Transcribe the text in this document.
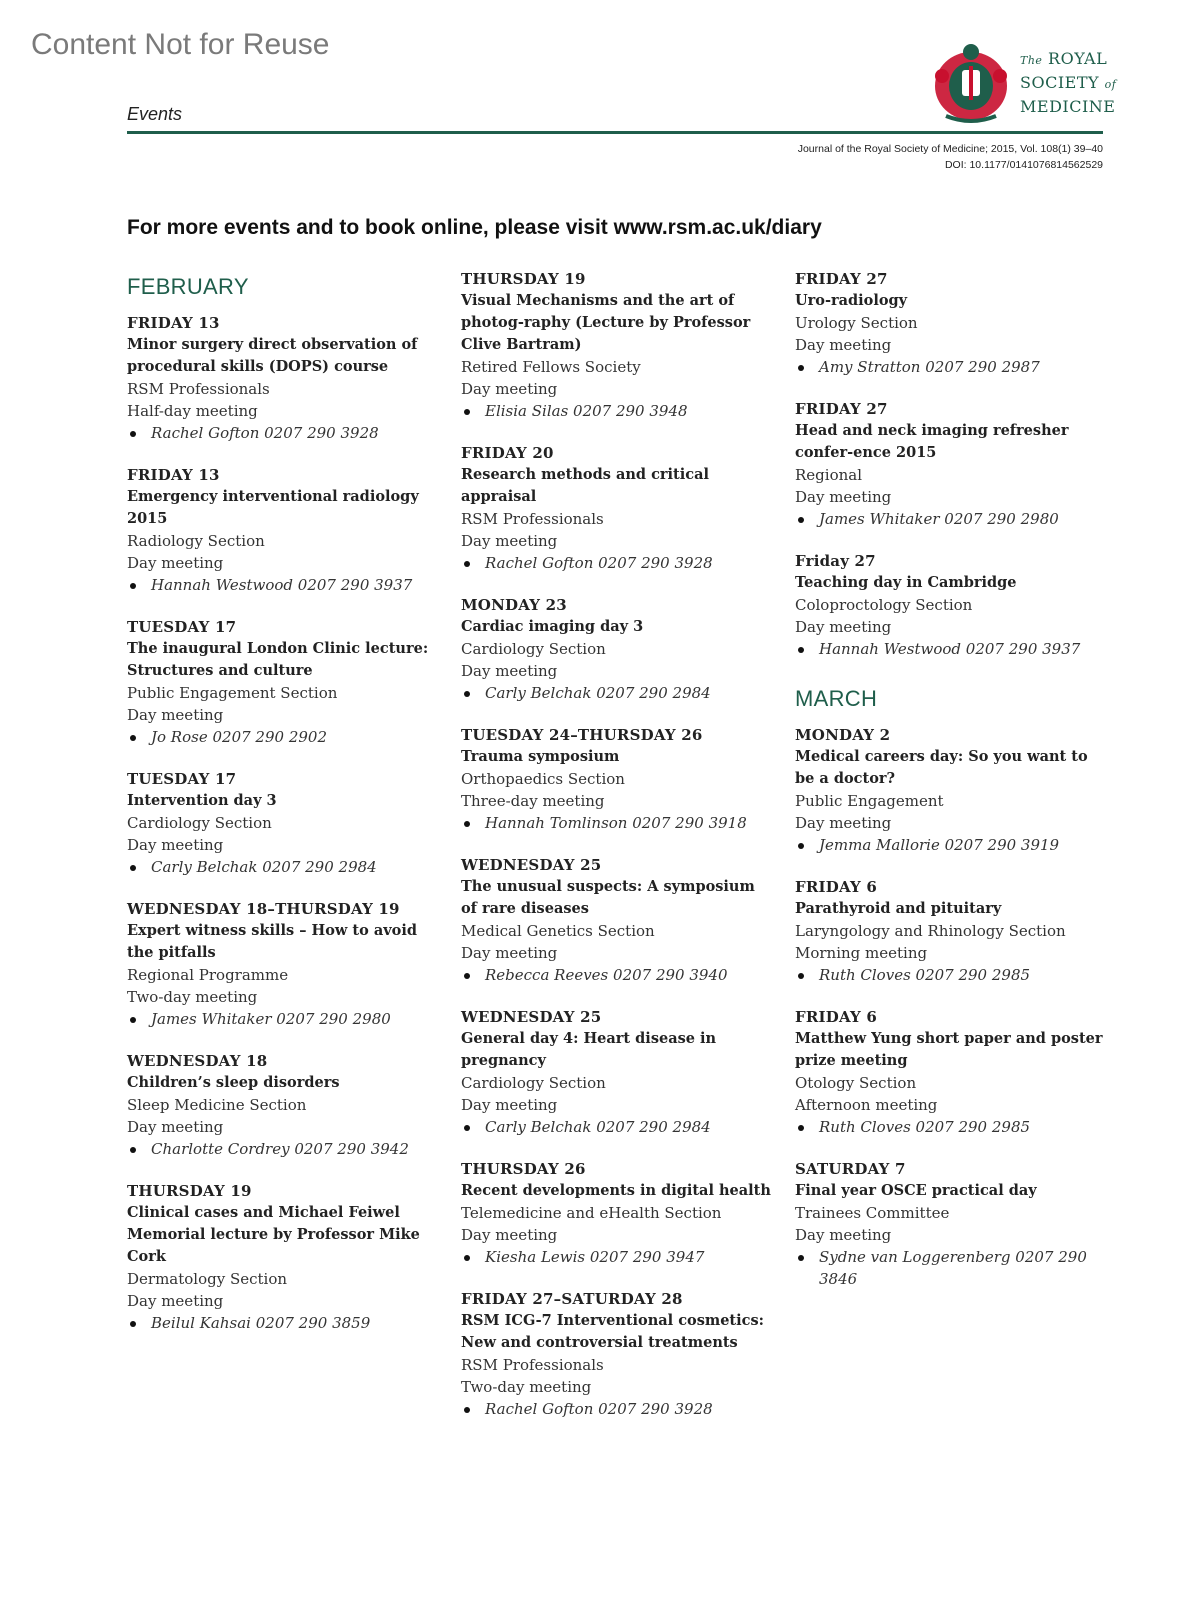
Content Not for Reuse
Events
The ROYAL
SOCIETY of
MEDICINE
Journal of the Royal Society of Medicine; 2015, Vol. 108(1) 39–40
DOI: 10.1177/0141076814562529
For more events and to book online, please visit www.rsm.ac.uk/diary
FEBRUARY
FRIDAY 13
Minor surgery direct observation of procedural skills (DOPS) course
RSM Professionals
Half-day meeting
Rachel Gofton 0207 290 3928
FRIDAY 13
Emergency interventional radiology 2015
Radiology Section
Day meeting
Hannah Westwood 0207 290 3937
TUESDAY 17
The inaugural London Clinic lecture: Structures and culture
Public Engagement Section
Day meeting
Jo Rose 0207 290 2902
TUESDAY 17
Intervention day 3
Cardiology Section
Day meeting
Carly Belchak 0207 290 2984
WEDNESDAY 18–THURSDAY 19
Expert witness skills – How to avoid the pitfalls
Regional Programme
Two-day meeting
James Whitaker 0207 290 2980
WEDNESDAY 18
Children’s sleep disorders
Sleep Medicine Section
Day meeting
Charlotte Cordrey 0207 290 3942
THURSDAY 19
Clinical cases and Michael Feiwel Memorial lecture by Professor Mike Cork
Dermatology Section
Day meeting
Beilul Kahsai 0207 290 3859
THURSDAY 19
Visual Mechanisms and the art of photog-raphy (Lecture by Professor Clive Bartram)
Retired Fellows Society
Day meeting
Elisia Silas 0207 290 3948
FRIDAY 20
Research methods and critical appraisal
RSM Professionals
Day meeting
Rachel Gofton 0207 290 3928
MONDAY 23
Cardiac imaging day 3
Cardiology Section
Day meeting
Carly Belchak 0207 290 2984
TUESDAY 24–THURSDAY 26
Trauma symposium
Orthopaedics Section
Three-day meeting
Hannah Tomlinson 0207 290 3918
WEDNESDAY 25
The unusual suspects: A symposium of rare diseases
Medical Genetics Section
Day meeting
Rebecca Reeves 0207 290 3940
WEDNESDAY 25
General day 4: Heart disease in pregnancy
Cardiology Section
Day meeting
Carly Belchak 0207 290 2984
THURSDAY 26
Recent developments in digital health
Telemedicine and eHealth Section
Day meeting
Kiesha Lewis 0207 290 3947
FRIDAY 27–SATURDAY 28
RSM ICG-7 Interventional cosmetics: New and controversial treatments
RSM Professionals
Two-day meeting
Rachel Gofton 0207 290 3928
FRIDAY 27
Uro-radiology
Urology Section
Day meeting
Amy Stratton 0207 290 2987
FRIDAY 27
Head and neck imaging refresher confer-ence 2015
Regional
Day meeting
James Whitaker 0207 290 2980
Friday 27
Teaching day in Cambridge
Coloproctology Section
Day meeting
Hannah Westwood 0207 290 3937
MARCH
MONDAY 2
Medical careers day: So you want to be a doctor?
Public Engagement
Day meeting
Jemma Mallorie 0207 290 3919
FRIDAY 6
Parathyroid and pituitary
Laryngology and Rhinology Section
Morning meeting
Ruth Cloves 0207 290 2985
FRIDAY 6
Matthew Yung short paper and poster prize meeting
Otology Section
Afternoon meeting
Ruth Cloves 0207 290 2985
SATURDAY 7
Final year OSCE practical day
Trainees Committee
Day meeting
Sydne van Loggerenberg 0207 290 3846
